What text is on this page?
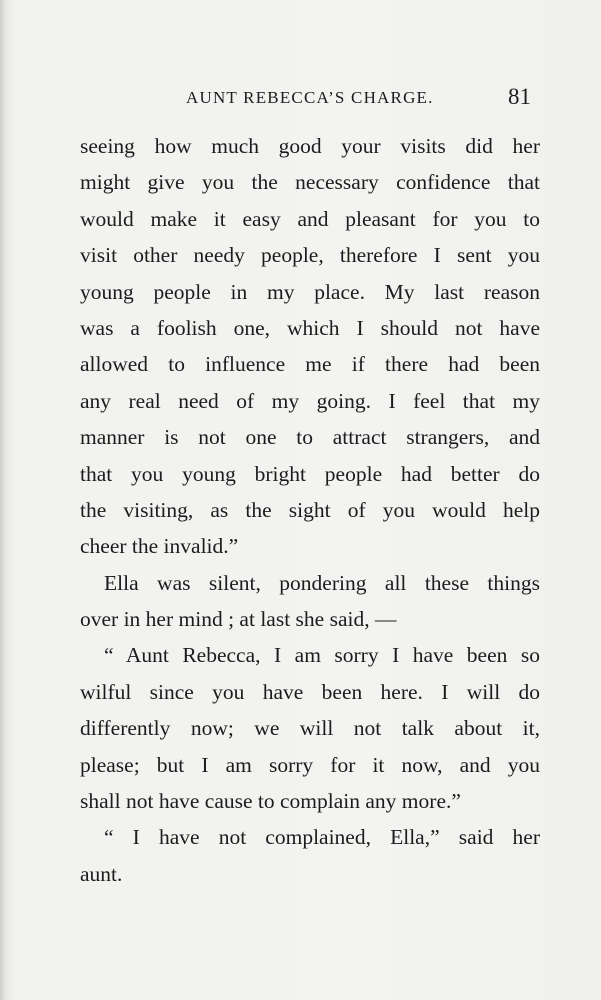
AUNT REBECCA’S CHARGE.	81
seeing how much good your visits did her
might give you the necessary confidence that
would make it easy and pleasant for you to
visit other needy people, therefore I sent you
young people in my place. My last reason
was a foolish one, which I should not have
allowed to influence me if there had been
any real need of my going. I feel that my
manner is not one to attract strangers, and
that you young bright people had better do
the visiting, as the sight of you would help
cheer the invalid.”
Ella was silent, pondering all these things
over in her mind ; at last she said, —
“ Aunt Rebecca, I am sorry I have been so
wilful since you have been here. I will do
differently now; we will not talk about it,
please; but I am sorry for it now, and you
shall not have cause to complain any more.”
“ I have not complained, Ella,” said her
aunt.
